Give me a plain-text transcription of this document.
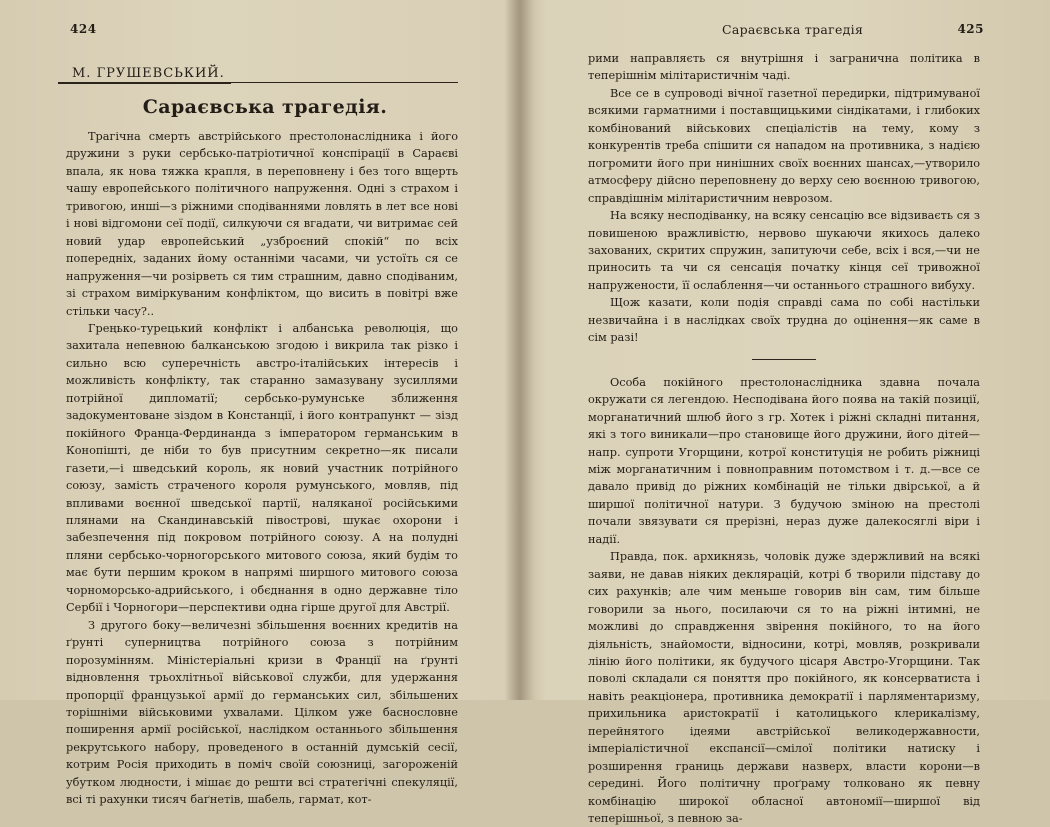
424
М. ГРУШЕВСЬКИЙ.
Сараєвська трагедія.

Трагічна смерть австрійського престолонаслідника і його дружини з руки сербсько-патріотичної конспірації в Сараєві впала, як нова тяжка крапля, в переповнену і без того вщерть чашу европейського політичного напруження. Одні з страхом і тривогою, инші—з ріжними сподіваннями ловлять в лет все нові і нові відгомони сеї події, силкуючи ся вгадати, чи витримає сей новий удар европейський „узброєний спокій“ по всіх попередніх, заданих йому останніми часами, чи устоїть ся се напруження—чи розірветь ся тим страшним, давно сподіваним, зі страхом виміркуваним конфліктом, що висить в повітрі вже стільки часу?..

Греңько-турецький конфлікт і албанська революція, що захитала непевною балканською згодою і викрила так різко і сильно всю суперечність австро-італійських інтересів і можливість конфлікту, так старанно замазувану зусиллями потрійної дипломатії; сербсько-румунське зближення задокументоване зіздом в Констанції, і його контрапункт — зізд покійного Франца-Фердинанда з імператором германським в Конопішті, де ніби то був присутним секретно—як писали газети,—і шведський король, як новий участник потрійного союзу, замість страченого короля румунського, мовляв, під впливами воєнної шведської партії, наляканої російськими плянами на Скандинавській півострові, шукає охорони і забезпечення під покровом потрійного союзу. А на полудні пляни сербсько-чорногорського митового союза, який будім то має бути першим кроком в напрямі ширшого митового союза чорноморсько-адрийського, і обєднання в одно державне тіло Сербії і Чорногори—перспективи одна гірше другої для Австрії.

З другого боку—величезні збільшення воєнних кредитів на ґрунті суперництва потрійного союза з потрійним порозумінням. Міністеріальні кризи в Франції на ґрунті відновлення трьохлітньої військової служби, для удержання пропорції французької армії до германських сил, збільшених торішніми військовими ухвалами. Цілком уже баснословне поширення армії російської, наслідком останнього збільшення рекрутського набору, проведеного в останній думській сесії, котрим Росія приходить в поміч своїй союзниці, загороженій убутком людности, і мішає до решти всі стратегічні спекуляції, всі ті рахунки тисяч баґнетів, шабель, гармат, кот-

Сараєвська трагедія	425

рими направляєть ся внутрішня і загранична політика в теперішнім мілітаристичнім чаді.

Все се в супроводі вічної газетної передирки, підтримуваної всякими гарматними і поставщицькими сіндікатами, і глибоких комбінований військових спеціалістів на тему, кому з конкурентів треба спішити ся нападом на противника, з надією погромити його при нинішних своїх воєнних шансах,—утворило атмосферу дійсно переповнену до верху сею воєнною тривогою, справдішнім мілітаристичним неврозом.

На всяку несподіванку, на всяку сенсацію все відзиваєть ся з повишеною вражливістю, нервово шукаючи якихось далеко захованих, скритих спружин, запитуючи себе, всіх і вся,—чи не приносить та чи ся сенсація початку кінця сеї тривожної напружености, її ослаблення—чи останнього страшного вибуху.

Щож казати, коли подія справді сама по собі настільки незвичайна і в наслідках своїх трудна до оцінення—як саме в сім разі!

Особа покійного престолонаслідника здавна почала окружати ся легендою. Несподівана його поява на такій позиції, морганатичний шлюб його з гр. Хотек і ріжні складні питання, які з того виникали—про становище його дружини, його дітей—напр. супроти Угорщини, котрої конституція не робить ріжниці між морганатичним і повноправним потомством і т. д.—все се давало привід до ріжних комбінацій не тільки двірської, а й ширшої політичної натури. З будучою зміною на престолі почали звязувати ся прерізні, нераз дуже далекосяглі віри і надії.

Правда, пок. архикнязь, чоловік дуже здержливий на всякі заяви, не давав ніяких деклярацій, котрі б творили підставу до сих рахунків; але чим меньше говорив він сам, тим більше говорили за нього, посилаючи ся то на ріжні інтимні, не можливі до справдження звірення покійного, то на його діяльність, знайомости, відносини, котрі, мовляв, розкривали лінію його політики, як будучого цісаря Австро-Угорщини. Так поволі складали ся поняття про покійного, як консерватиста і навіть реакціонера, противника демократії і парляментаризму, прихильника аристократії і католицького клерикалізму, перейнятого ідеями австрійської великодержавности, імперіалістичної експансії—смілої політики натиску і розширення границь держави назверх, власти корони—в середині. Його політичну проґраму толковано як певну комбінацію широкої обласної автономії—ширшої від теперішньої, з певною за-
